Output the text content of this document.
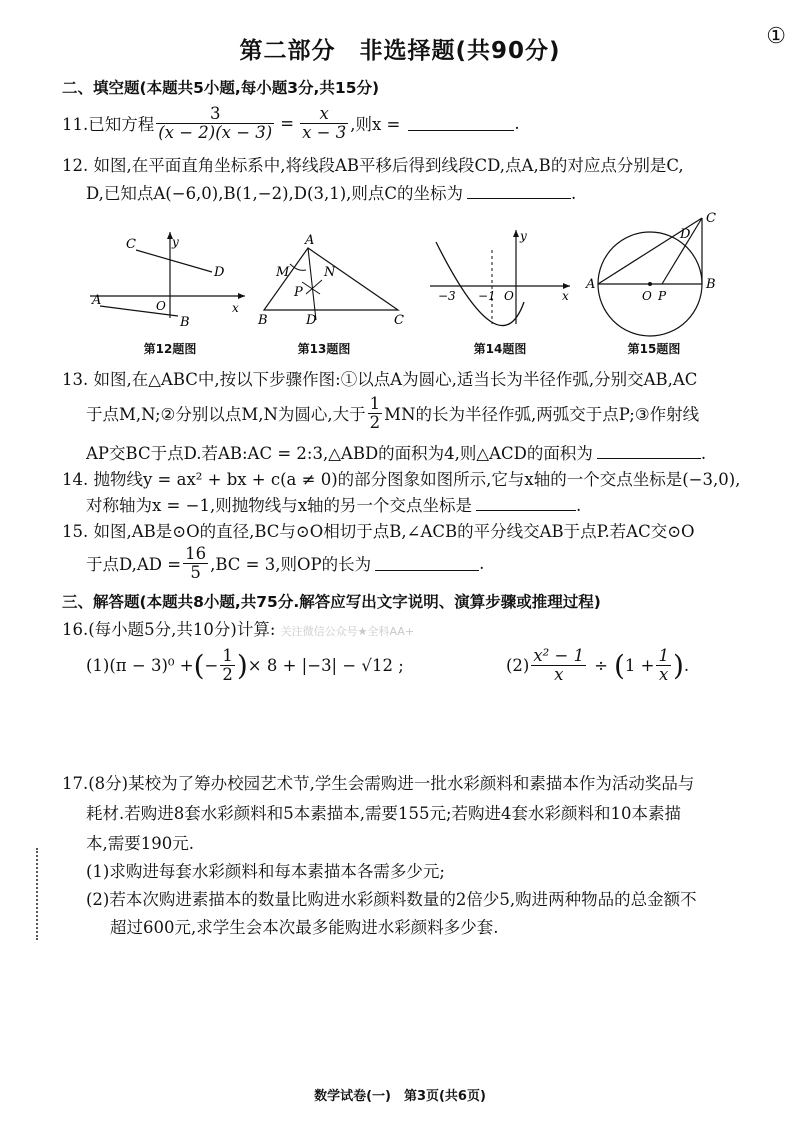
第二部分　非选择题(共90分)
①
二、填空题(本题共5小题,每小题3分,共15分)
11.已知方程 $\frac{3}{(x - 2)(x - 3)} = \frac{x}{x - 3}$ ,则x =	.
12. 如图,在平面直角坐标系中,将线段AB平移后得到线段CD,点A,B的对应点分别是C,
D,已知点A(−6,0),B(1,−2),D(3,1),则点C的坐标为	.
C	y
D
A	O	x
B
A
M	N
P
B	D	C
y
−3 −1 O	x
C
D
A
O P
B
第12题图	第13题图	第14题图	第15题图
13. 如图,在△ABC中,按以下步骤作图:①以点A为圆心,适当长为半径作弧,分别交AB,AC
于点M,N;②分别以点M,N为圆心,大于 $\frac{1}{2}$ MN的长为半径作弧,两弧交于点P;③作射线
AP交BC于点D.若AB:AC = 2:3,△ABD的面积为4,则△ACD的面积为	.
14. 抛物线y = ax² + bx + c(a ≠ 0)的部分图象如图所示,它与x轴的一个交点坐标是(−3,0),
对称轴为x = −1,则抛物线与x轴的另一个交点坐标是	.
15. 如图,AB是⊙O的直径,BC与⊙O相切于点B,∠ACB的平分线交AB于点P.若AC交⊙O
于点$D,AD = \frac{16}{5} ,BC = 3$,则OP的长为	.
三、解答题(本题共8小题,共75分.解答应写出文字说明、演算步骤或推理过程)
16.(每小题5分,共10分)计算: 关注微信公众号★全科AA+
(1)(π − 3)⁰ + ( − $\frac{1}{2}$ ) × 8 + |−3| − √12 ;	$(2) \frac{\text{x² − 1}}{x}$ ÷ ( $1 + \frac{1}{x}$ ) .
17.(8分)某校为了筹办校园艺术节,学生会需购进一批水彩颜料和素描本作为活动奖品与
耗材.若购进8套水彩颜料和5本素描本,需要155元;若购进4套水彩颜料和10本素描
本,需要190元.
(1)求购进每套水彩颜料和每本素描本各需多少元;
(2)若本次购进素描本的数量比购进水彩颜料数量的2倍少5,购进两种物品的总金额不
超过600元,求学生会本次最多能购进水彩颜料多少套.
数学试卷(一)　第3页(共6页)
